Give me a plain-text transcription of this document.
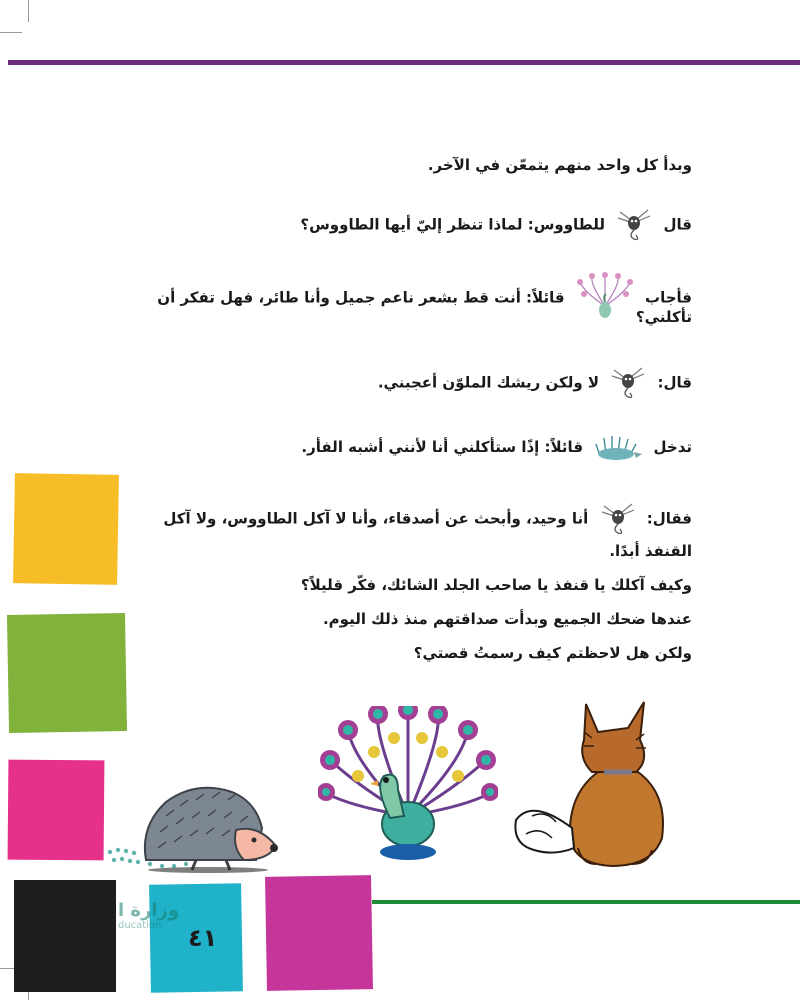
وبدأ كل واحد منهم يتمعّن في الآخر.
قال
للطاووس: لماذا تنظر إليّ أيها الطاووس؟
فأجاب
قائلاً: أنت قط بشعر ناعم جميل وأنا طائر، فهل تفكر أن
تأكلني؟
قال:
لا ولكن ريشك الملوّن أعجبني.
تدخل
قائلاً: إذًا ستأكلني أنا لأنني أشبه الفأر.
فقال:
أنا وحيد، وأبحث عن أصدقاء، وأنا لا آكل الطاووس، ولا آكل
القنفذ أبدًا.
وكيف آكلك يا قنفذ يا صاحب الجلد الشائك، فكّر قليلاً؟
عندها ضحك الجميع وبدأت صداقتهم منذ ذلك اليوم.
ولكن هل لاحظتم كيف رسمتُ قصتي؟
وزارة ا
ducation ٤١
